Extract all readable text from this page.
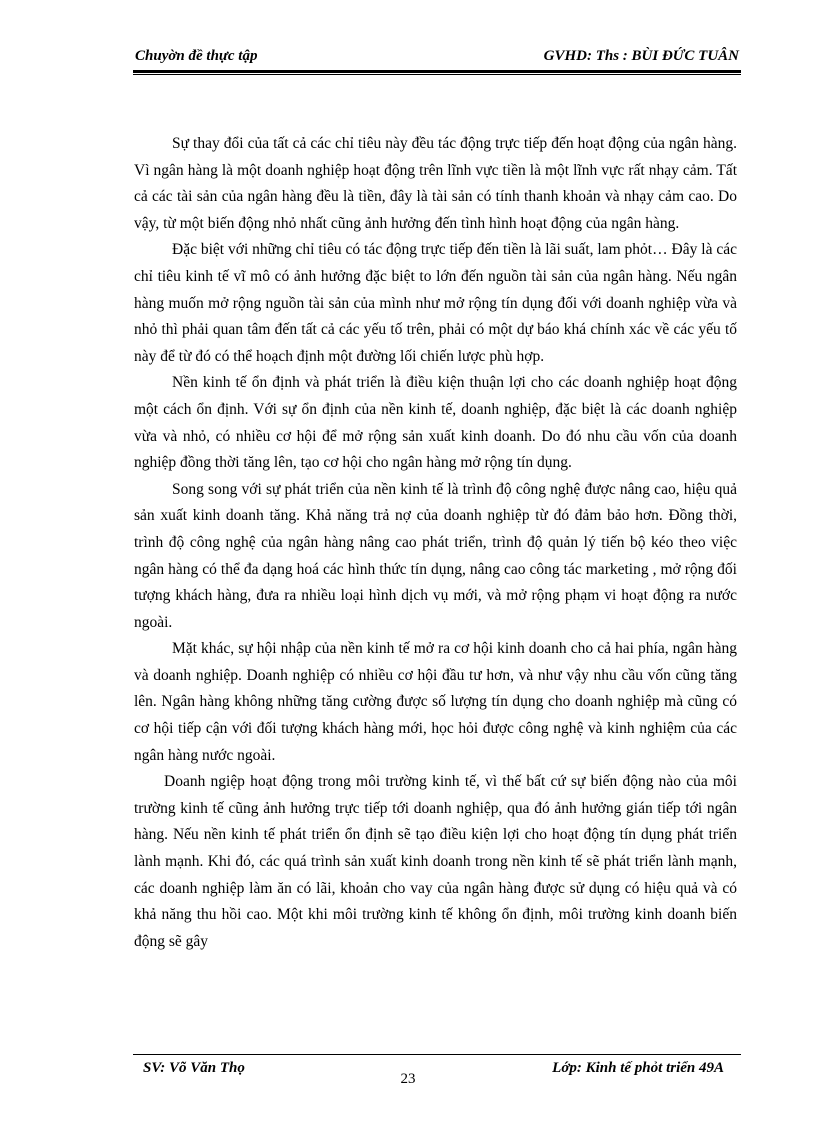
Chuyờn đề thực tập	GVHD: Ths : BÙI ĐỨC TUÂN

Sự thay đổi của tất cả các chỉ tiêu này đều tác động trực tiếp đến hoạt động của ngân hàng. Vì ngân hàng là một doanh nghiệp hoạt động trên lĩnh vực tiền là một lĩnh vực rất nhạy cảm. Tất cả các tài sản của ngân hàng đều là tiền, đây là tài sản có tính thanh khoản và nhạy cảm cao. Do vậy, từ một biến động nhỏ nhất cũng ảnh hưởng đến tình hình hoạt động của ngân hàng.

Đặc biệt với những chỉ tiêu có tác động trực tiếp đến tiền là lãi suất, lam phỏt… Đây là các chỉ tiêu kinh tế vĩ mô có ảnh hưởng đặc biệt to lớn đến nguồn tài sản của ngân hàng. Nếu ngân hàng muốn mở rộng nguồn tài sản của mình như mở rộng tín dụng đối với doanh nghiệp vừa và nhỏ thì phải quan tâm đến tất cả các yếu tố trên, phải có một dự báo khá chính xác về các yếu tố này để từ đó có thể hoạch định một đường lối chiến lược phù hợp.

Nền kinh tế ổn định và phát triển là điều kiện thuận lợi cho các doanh nghiệp hoạt động một cách ổn định. Với sự ổn định của nền kinh tế, doanh nghiệp, đặc biệt là các doanh nghiệp vừa và nhỏ, có nhiều cơ hội để mở rộng sản xuất kinh doanh. Do đó nhu cầu vốn của doanh nghiệp đồng thời tăng lên, tạo cơ hội cho ngân hàng mở rộng tín dụng.

Song song với sự phát triển của nền kinh tế là trình độ công nghệ được nâng cao, hiệu quả sản xuất kinh doanh tăng. Khả năng trả nợ của doanh nghiệp từ đó đảm bảo hơn. Đồng thời, trình độ công nghệ của ngân hàng nâng cao phát triển, trình độ quản lý tiến bộ kéo theo việc ngân hàng có thể đa dạng hoá các hình thức tín dụng, nâng cao công tác marketing , mở rộng đối tượng khách hàng, đưa ra nhiều loại hình dịch vụ mới, và mở rộng phạm vi hoạt động ra nước ngoài.

Mặt khác, sự hội nhập của nền kinh tế mở ra cơ hội kinh doanh cho cả hai phía, ngân hàng và doanh nghiệp. Doanh nghiệp có nhiều cơ hội đầu tư hơn, và như vậy nhu cầu vốn cũng tăng lên. Ngân hàng không những tăng cường được số lượng tín dụng cho doanh nghiệp mà cũng có cơ hội tiếp cận với đối tượng khách hàng mới, học hỏi được công nghệ và kinh nghiệm của các ngân hàng nước ngoài.

Doanh ngiệp hoạt động trong môi trường kinh tế, vì thế bất cứ sự biến động nào của môi trường kinh tế cũng ảnh hưởng trực tiếp tới doanh nghiệp, qua đó ảnh hưởng gián tiếp tới ngân hàng. Nếu nền kinh tế phát triển ổn định sẽ tạo điều kiện lợi cho hoạt động tín dụng phát triển lành mạnh. Khi đó, các quá trình sản xuất kinh doanh trong nền kinh tế sẽ phát triển lành mạnh, các doanh nghiệp làm ăn có lãi, khoản cho vay của ngân hàng được sử dụng có hiệu quả và có khả năng thu hồi cao. Một khi môi trường kinh tế không ổn định, môi trường kinh doanh biến động sẽ gây

SV: Võ Văn Thọ	Lớp: Kinh tế phỏt triển 49A
23
